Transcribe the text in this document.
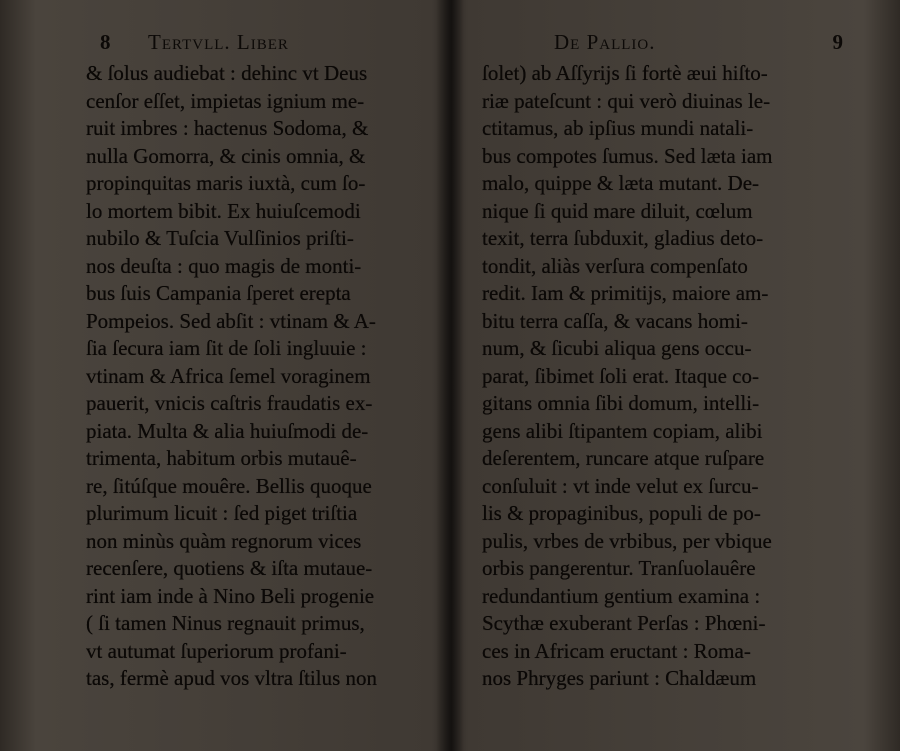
8 Tertvll. Liber
& ſolus audiebat : dehinc vt Deus
cenſor eſſet, impietas ignium me-
ruit imbres : hactenus Sodoma, &
nulla Gomorra, & cinis omnia, &
propinquitas maris iuxtà, cum ſo-
lo mortem bibit. Ex huiuſcemodi
nubilo & Tuſcia Vulſinios priſti-
nos deuſta : quo magis de monti-
bus ſuis Campania ſperet erepta
Pompeios. Sed abſit : vtinam & A-
ſia ſecura iam ſit de ſoli ingluuie :
vtinam & Africa ſemel voraginem
pauerit, vnicis caſtris fraudatis ex-
piata. Multa & alia huiuſmodi de-
trimenta, habitum orbis mutauê-
re, ſitúſque mouêre. Bellis quoque
plurimum licuit : ſed piget triſtia
non minùs quàm regnorum vices
recenſere, quotiens & iſta mutaue-
rint iam inde à Nino Beli progenie
( ſi tamen Ninus regnauit primus,
vt autumat ſuperiorum profani-
tas, fermè apud vos vltra ſtilus non
De Pallio.	9
ſolet) ab Aſſyrijs ſi fortè æui hiſto-
riæ pateſcunt : qui verò diuinas le-
ctitamus, ab ipſius mundi natali-
bus compotes ſumus. Sed læta iam
malo, quippe & læta mutant. De-
nique ſi quid mare diluit, cœlum
texit, terra ſubduxit, gladius deto-
tondit, aliàs verſura compenſato
redit. Iam & primitijs, maiore am-
bitu terra caſſa, & vacans homi-
num, & ſicubi aliqua gens occu-
parat, ſibimet ſoli erat. Itaque co-
gitans omnia ſibi domum, intelli-
gens alibi ſtipantem copiam, alibi
deſerentem, runcare atque ruſpare
conſuluit : vt inde velut ex ſurcu-
lis & propaginibus, populi de po-
pulis, vrbes de vrbibus, per vbique
orbis pangerentur. Tranſuolauêre
redundantium gentium examina :
Scythæ exuberant Perſas : Phœni-
ces in Africam eructant : Roma-
nos Phryges pariunt : Chaldæum
